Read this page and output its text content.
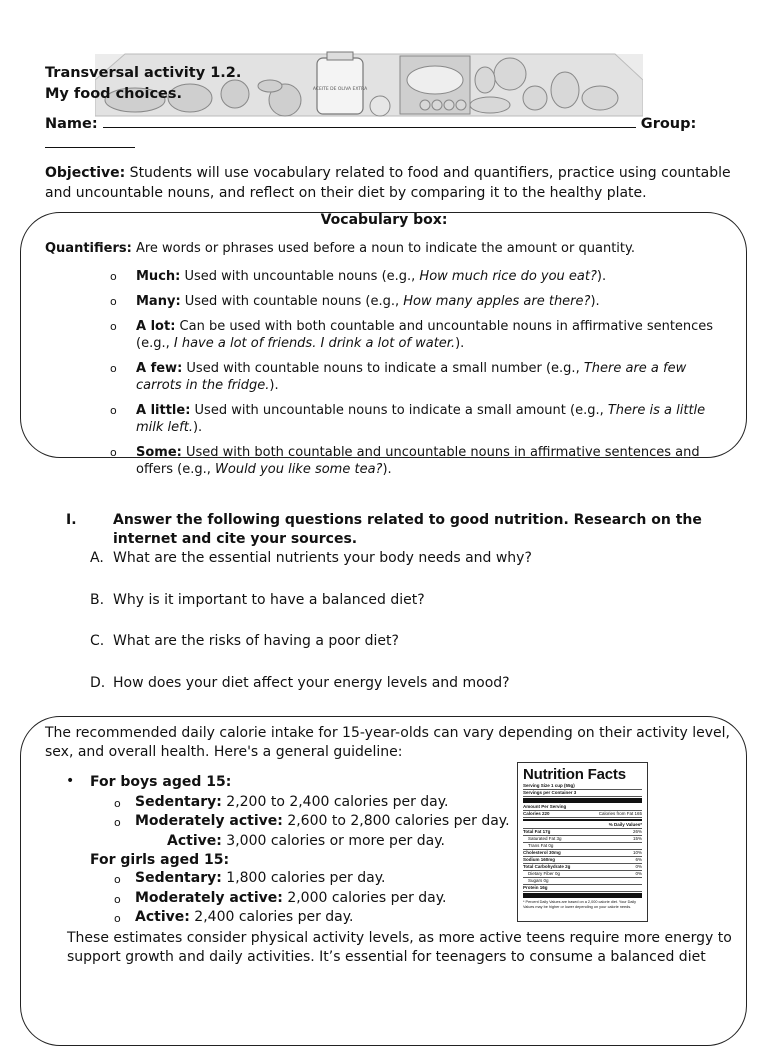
ACEITE DE OLIVA EXTRA
Transversal activity 1.2.
My food choices.
Name:	Group:

Objective: Students will use vocabulary related to food and quantifiers, practice using countable and uncountable nouns, and reflect on their diet by comparing it to the healthy plate.
Vocabulary box:
Quantifiers: Are words or phrases used before a noun to indicate the amount or quantity.
o Much: Used with uncountable nouns (e.g., How much rice do you eat?).
o Many: Used with countable nouns (e.g., How many apples are there?).
o A lot: Can be used with both countable and uncountable nouns in affirmative sentences (e.g., I have a lot of friends. I drink a lot of water.).
o A few: Used with countable nouns to indicate a small number (e.g., There are a few carrots in the fridge.).
o A little: Used with uncountable nouns to indicate a small amount (e.g., There is a little milk left.).
o Some: Used with both countable and uncountable nouns in affirmative sentences and offers (e.g., Would you like some tea?).
I.	Answer the following questions related to good nutrition. Research on the internet and cite your sources.
A. What are the essential nutrients your body needs and why?
B. Why is it important to have a balanced diet?
C. What are the risks of having a poor diet?
D. How does your diet affect your energy levels and mood?
The recommended daily calorie intake for 15-year-olds can vary depending on their activity level, sex, and overall health. Here's a general guideline:
• For boys aged 15:
o Sedentary: 2,200 to 2,400 calories per day.
o Moderately active: 2,600 to 2,800 calories per day.
Active: 3,000 calories or more per day.
For girls aged 15:
o Sedentary: 1,800 calories per day.
o Moderately active: 2,000 calories per day.
o Active: 2,400 calories per day.
Nutrition Facts
Serving Size 1 cup (55g)
Servings per Container 3
Amount Per Serving
Calories 220	Calories from Fat 165
% Daily Values*
Total Fat 17g	26%
Saturated Fat 3g	15%
Trans Fat 0g
Cholesterol 30mg	10%
Sodium 160mg	6%
Total Carbohydrate 2g	0%
Dietary Fiber 0g	0%
Sugars 0g
Protein 16g
* Percent Daily Values are based on a 2,000 calorie diet. Your Daily Values may be higher or lower depending on your calorie needs.
These estimates consider physical activity levels, as more active teens require more energy to support growth and daily activities. It’s essential for teenagers to consume a balanced diet
